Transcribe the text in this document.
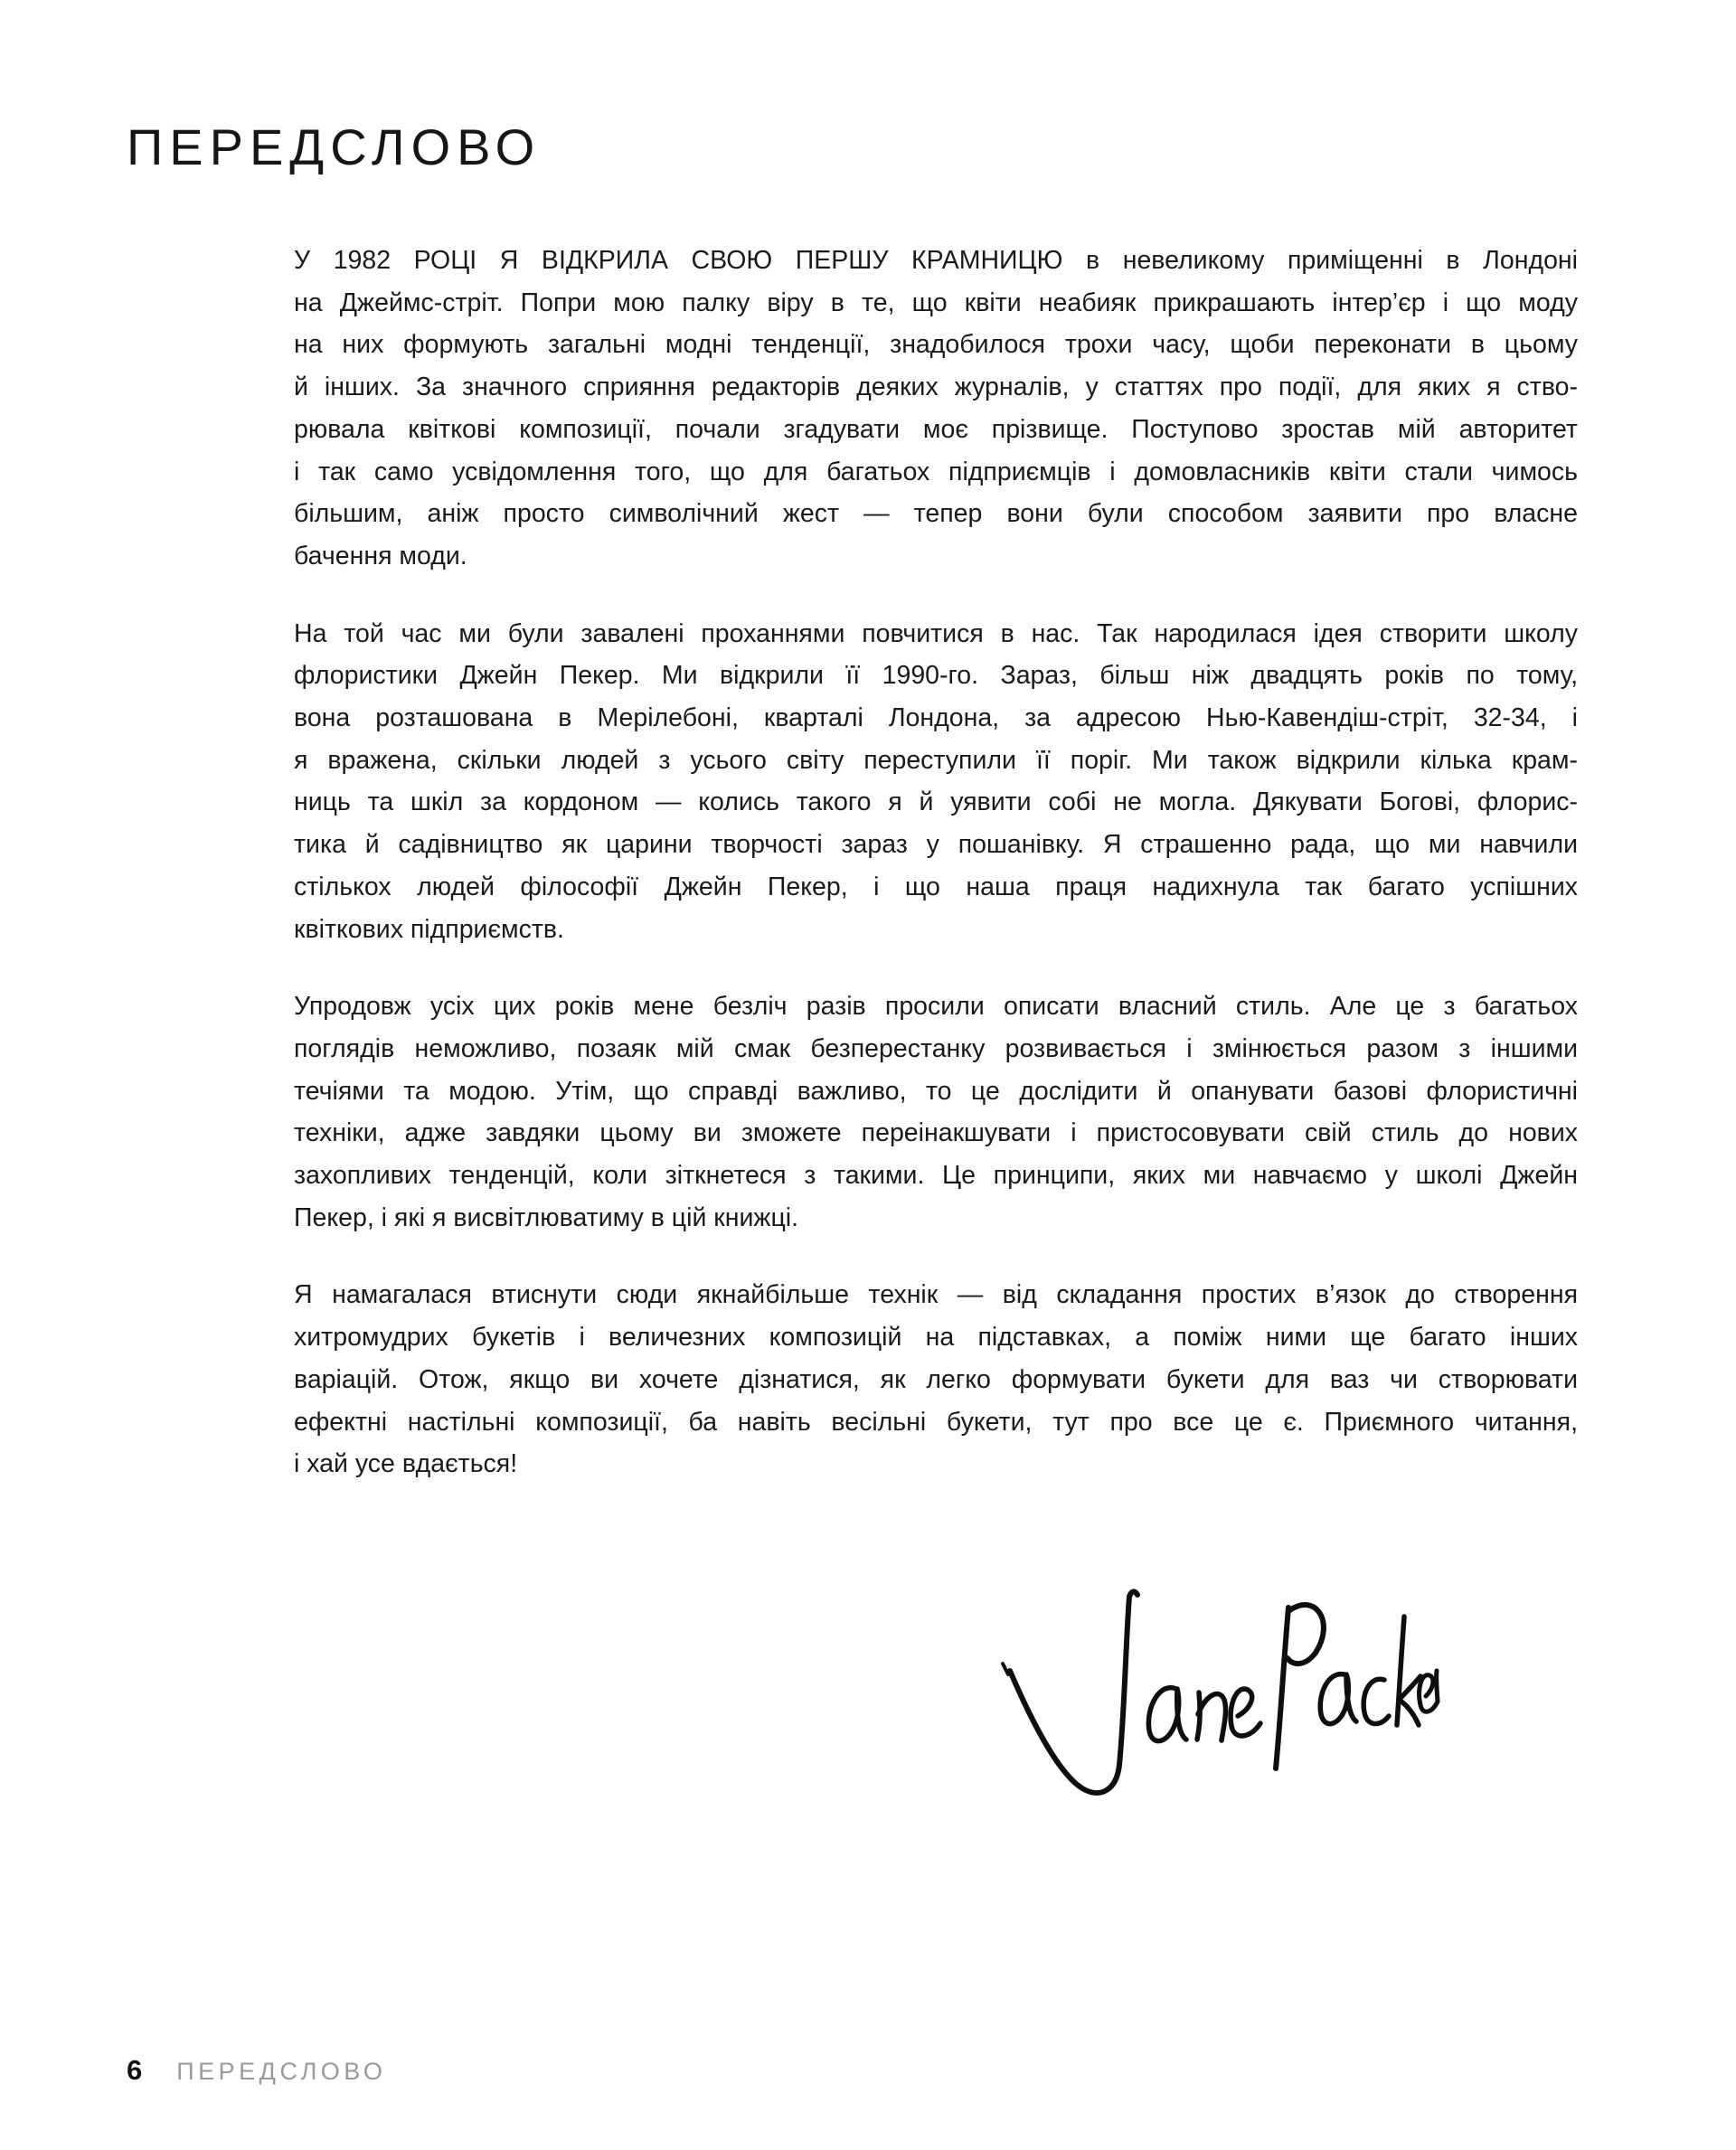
ПЕРЕДСЛОВО
У 1982 РОЦІ Я ВІДКРИЛА СВОЮ ПЕРШУ КРАМНИЦЮ в невеликому приміщенні в Лондоні
на Джеймс-стріт. Попри мою палку віру в те, що квіти неабияк прикрашають інтер’єр і що моду
на них формують загальні модні тенденції, знадобилося трохи часу, щоби переконати в цьому
й інших. За значного сприяння редакторів деяких журналів, у статтях про події, для яких я ство-
рювала квіткові композиції, почали згадувати моє прізвище. Поступово зростав мій авторитет
і так само усвідомлення того, що для багатьох підприємців і домовласників квіти стали чимось
більшим, аніж просто символічний жест — тепер вони були способом заявити про власне
бачення моди.
На той час ми були завалені проханнями повчитися в нас. Так народилася ідея створити школу
флористики Джейн Пекер. Ми відкрили її 1990-го. Зараз, більш ніж двадцять років по тому,
вона розташована в Мерілебоні, кварталі Лондона, за адресою Нью-Кавендіш-стріт, 32-34, і
я вражена, скільки людей з усього світу переступили її поріг. Ми також відкрили кілька крам-
ниць та шкіл за кордоном — колись такого я й уявити собі не могла. Дякувати Богові, флорис-
тика й садівництво як царини творчості зараз у пошанівку. Я страшенно рада, що ми навчили
стількох людей філософії Джейн Пекер, і що наша праця надихнула так багато успішних
квіткових підприємств.
Упродовж усіх цих років мене безліч разів просили описати власний стиль. Але це з багатьох
поглядів неможливо, позаяк мій смак безперестанку розвивається і змінюється разом з іншими
течіями та модою. Утім, що справді важливо, то це дослідити й опанувати базові флористичні
техніки, адже завдяки цьому ви зможете переінакшувати і пристосовувати свій стиль до нових
захопливих тенденцій, коли зіткнетеся з такими. Це принципи, яких ми навчаємо у школі Джейн
Пекер, і які я висвітлюватиму в цій книжці.
Я намагалася втиснути сюди якнайбільше технік — від складання простих в’язок до створення
хитромудрих букетів і величезних композицій на підставках, а поміж ними ще багато інших
варіацій. Отож, якщо ви хочете дізнатися, як легко формувати букети для ваз чи створювати
ефектні настільні композиції, ба навіть весільні букети, тут про все це є. Приємного читання,
і хай усе вдається!
6 ПЕРЕДСЛОВО
